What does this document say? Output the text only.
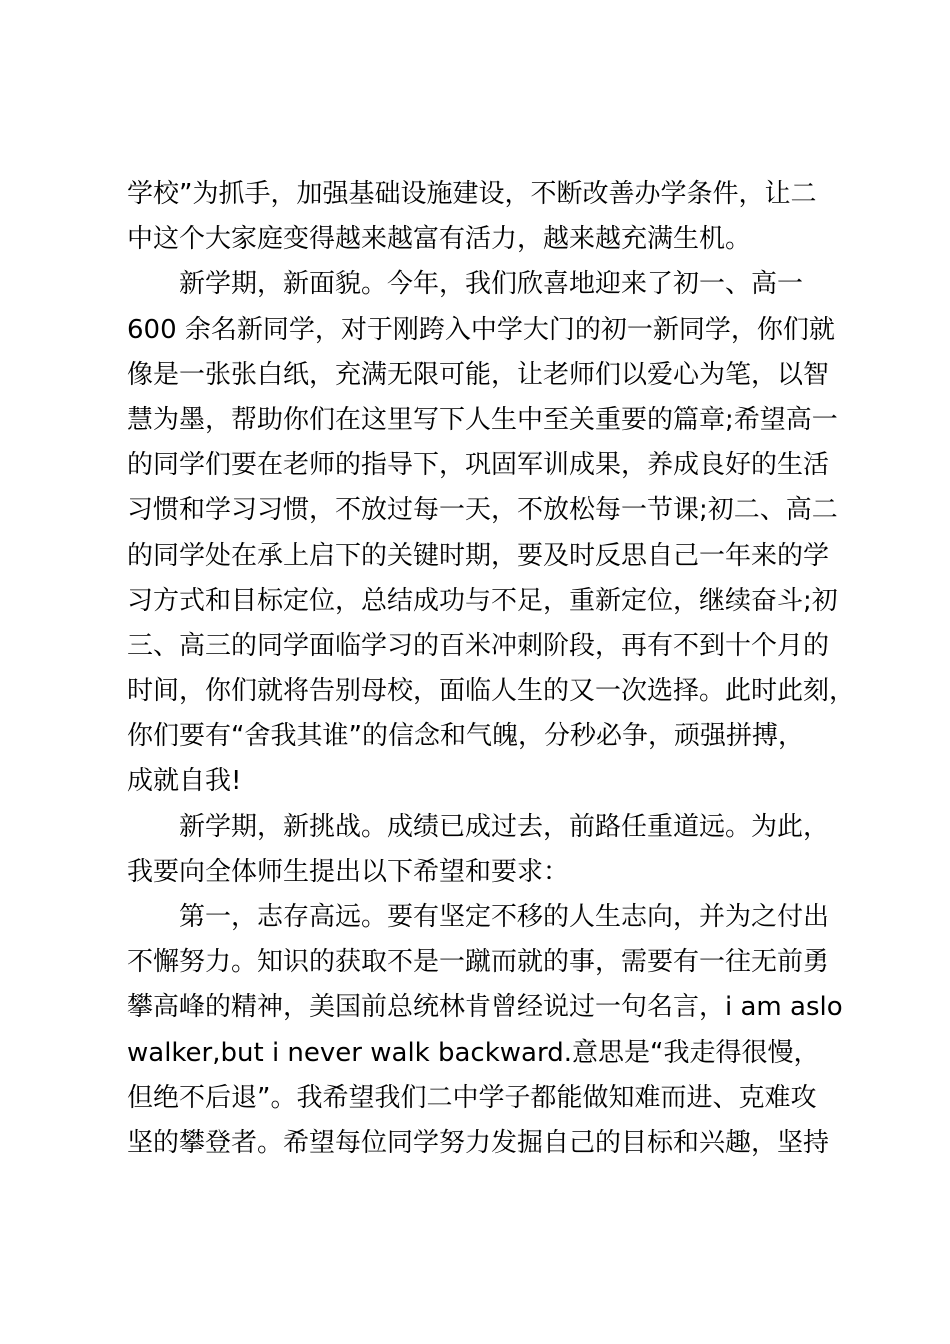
学校”为抓手，加强基础设施建设，不断改善办学条件，让二
中这个大家庭变得越来越富有活力，越来越充满生机。
新学期，新面貌。今年，我们欣喜地迎来了初一、高一
600 余名新同学，对于刚跨入中学大门的初一新同学，你们就
像是一张张白纸，充满无限可能，让老师们以爱心为笔，以智
慧为墨，帮助你们在这里写下人生中至关重要的篇章;希望高一
的同学们要在老师的指导下，巩固军训成果，养成良好的生活
习惯和学习习惯，不放过每一天，不放松每一节课;初二、高二
的同学处在承上启下的关键时期，要及时反思自己一年来的学
习方式和目标定位，总结成功与不足，重新定位，继续奋斗;初
三、高三的同学面临学习的百米冲刺阶段，再有不到十个月的
时间，你们就将告别母校，面临人生的又一次选择。此时此刻，
你们要有“舍我其谁”的信念和气魄，分秒必争，顽强拼搏，
成就自我!
新学期，新挑战。成绩已成过去，前路任重道远。为此，
我要向全体师生提出以下希望和要求：
第一，志存高远。要有坚定不移的人生志向，并为之付出
不懈努力。知识的获取不是一蹴而就的事，需要有一往无前勇
攀高峰的精神，美国前总统林肯曾经说过一句名言，i am aslo
walker,but i never walk backward.意思是“我走得很慢，
但绝不后退”。我希望我们二中学子都能做知难而进、克难攻
坚的攀登者。希望每位同学努力发掘自己的目标和兴趣，坚持
